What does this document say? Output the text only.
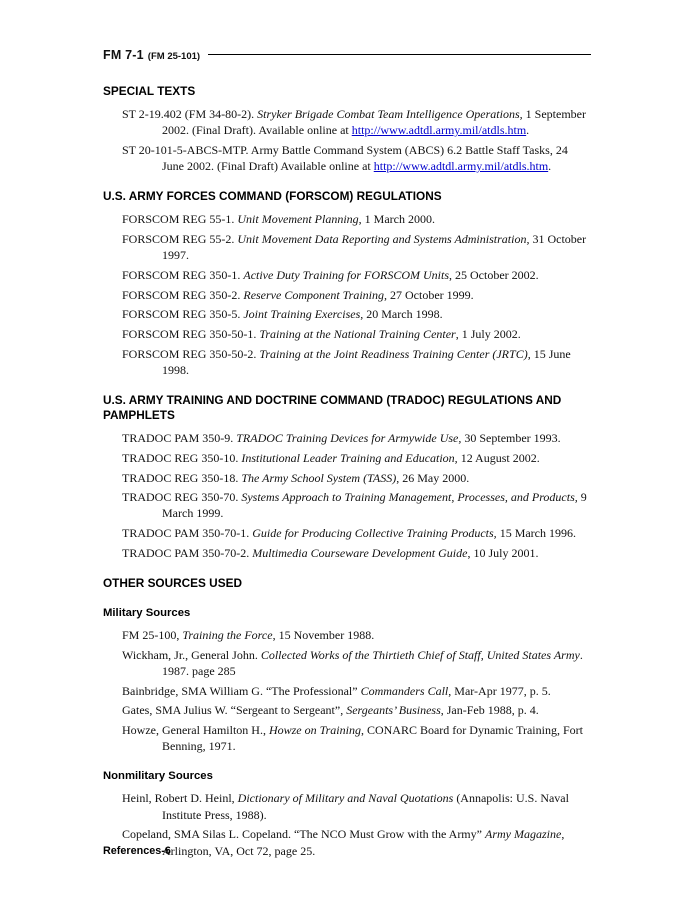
FM 7-1 (FM 25-101)
SPECIAL TEXTS

ST 2-19.402 (FM 34-80-2). Stryker Brigade Combat Team Intelligence Operations, 1 September 2002. (Final Draft). Available online at http://www.adtdl.army.mil/atdls.htm.

ST 20-101-5-ABCS-MTP. Army Battle Command System (ABCS) 6.2 Battle Staff Tasks, 24 June 2002. (Final Draft) Available online at http://www.adtdl.army.mil/atdls.htm.

U.S. ARMY FORCES COMMAND (FORSCOM) REGULATIONS

FORSCOM REG 55-1. Unit Movement Planning, 1 March 2000.

FORSCOM REG 55-2. Unit Movement Data Reporting and Systems Administration, 31 October 1997.

FORSCOM REG 350-1. Active Duty Training for FORSCOM Units, 25 October 2002.

FORSCOM REG 350-2. Reserve Component Training, 27 October 1999.

FORSCOM REG 350-5. Joint Training Exercises, 20 March 1998.

FORSCOM REG 350-50-1. Training at the National Training Center, 1 July 2002.

FORSCOM REG 350-50-2. Training at the Joint Readiness Training Center (JRTC), 15 June 1998.

U.S. ARMY TRAINING AND DOCTRINE COMMAND (TRADOC) REGULATIONS AND PAMPHLETS

TRADOC PAM 350-9. TRADOC Training Devices for Armywide Use, 30 September 1993.

TRADOC REG 350-10. Institutional Leader Training and Education, 12 August 2002.

TRADOC REG 350-18. The Army School System (TASS), 26 May 2000.

TRADOC REG 350-70. Systems Approach to Training Management, Processes, and Products, 9 March 1999.

TRADOC PAM 350-70-1. Guide for Producing Collective Training Products, 15 March 1996.

TRADOC PAM 350-70-2. Multimedia Courseware Development Guide, 10 July 2001.

OTHER SOURCES USED
Military Sources

FM 25-100, Training the Force, 15 November 1988.

Wickham, Jr., General John. Collected Works of the Thirtieth Chief of Staff, United States Army. 1987. page 285

Bainbridge, SMA William G. “The Professional” Commanders Call, Mar-Apr 1977, p. 5.

Gates, SMA Julius W. “Sergeant to Sergeant”, Sergeants’ Business, Jan-Feb 1988, p. 4.

Howze, General Hamilton H., Howze on Training, CONARC Board for Dynamic Training, Fort Benning, 1971.

Nonmilitary Sources

Heinl, Robert D. Heinl, Dictionary of Military and Naval Quotations (Annapolis: U.S. Naval Institute Press, 1988).

Copeland, SMA Silas L. Copeland. “The NCO Must Grow with the Army” Army Magazine, Arlington, VA, Oct 72, page 25.

References-6
